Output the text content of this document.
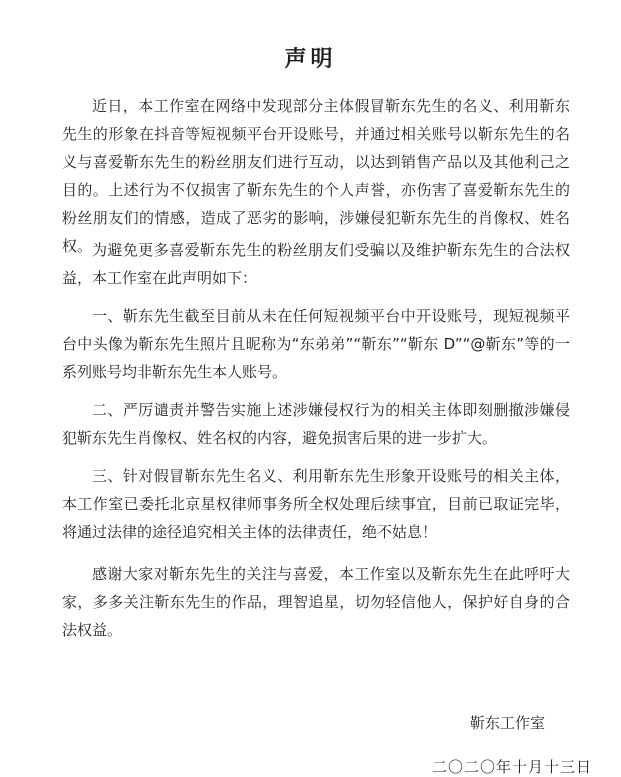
声明

近日，本工作室在网络中发现部分主体假冒靳东先生的名义、利用靳东先生的形象在抖音等短视频平台开设账号，并通过相关账号以靳东先生的名义与喜爱靳东先生的粉丝朋友们进行互动，以达到销售产品以及其他利己之目的。上述行为不仅损害了靳东先生的个人声誉，亦伤害了喜爱靳东先生的粉丝朋友们的情感，造成了恶劣的影响，涉嫌侵犯靳东先生的肖像权、姓名权。 为避免更多喜爱靳东先生的粉丝朋友们受骗以及维护靳东先生的合法权益，本工作室在此声明如下：

一、靳东先生截至目前从未在任何短视频平台中开设账号，现短视频平台中头像为靳东先生照片且昵称为“东弟弟”“靳东”“靳东 D”“@靳东”等的一系列账号均非靳东先生本人账号。

二、严厉谴责并警告实施上述涉嫌侵权行为的相关主体即刻删撤涉嫌侵犯靳东先生肖像权、姓名权的内容，避免损害后果的进一步扩大。

三、针对假冒靳东先生名义、利用靳东先生形象开设账号的相关主体，本工作室已委托北京星权律师事务所全权处理后续事宜，目前已取证完毕，将通过法律的途径追究相关主体的法律责任，绝不姑息！

感谢大家对靳东先生的关注与喜爱，本工作室以及靳东先生在此呼吁大家，多多关注靳东先生的作品，理智追星，切勿轻信他人，保护好自身的合法权益。

靳东工作室
二〇二〇年十月十三日
